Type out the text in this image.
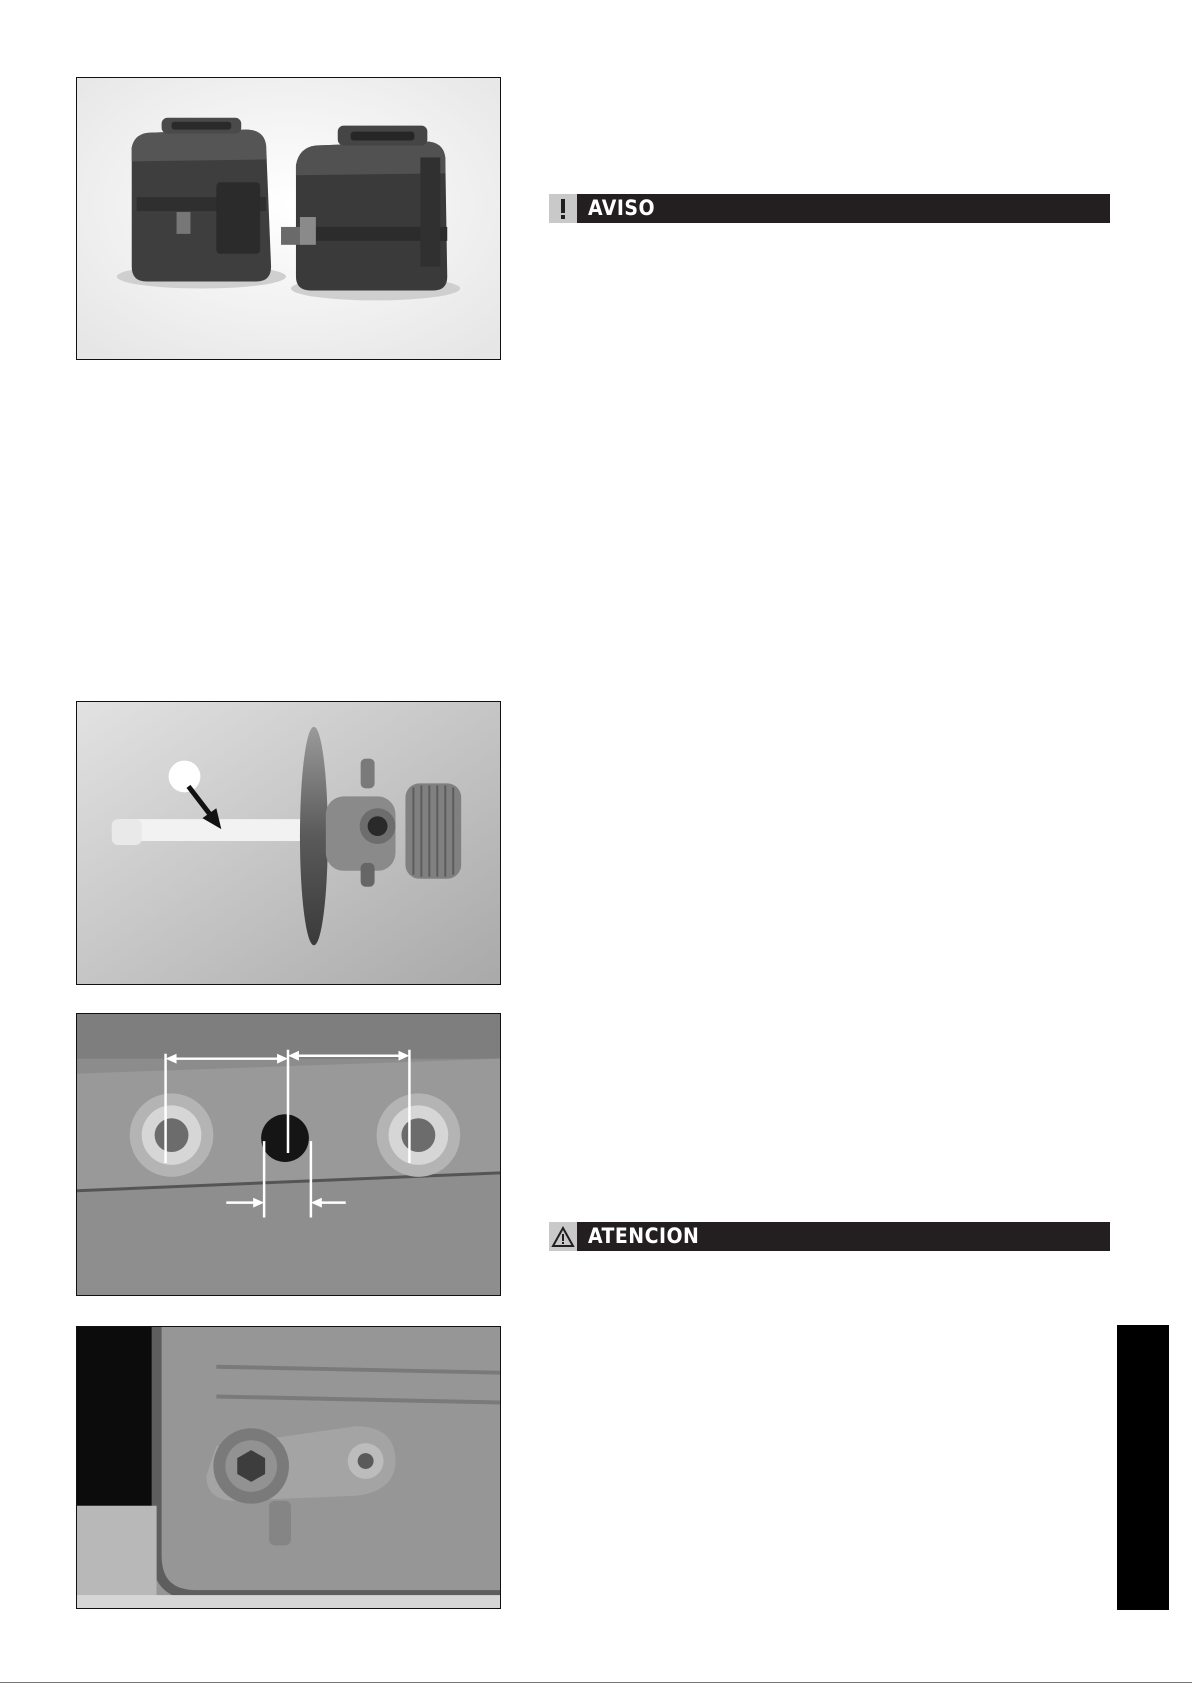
AVISO
ATENCION
